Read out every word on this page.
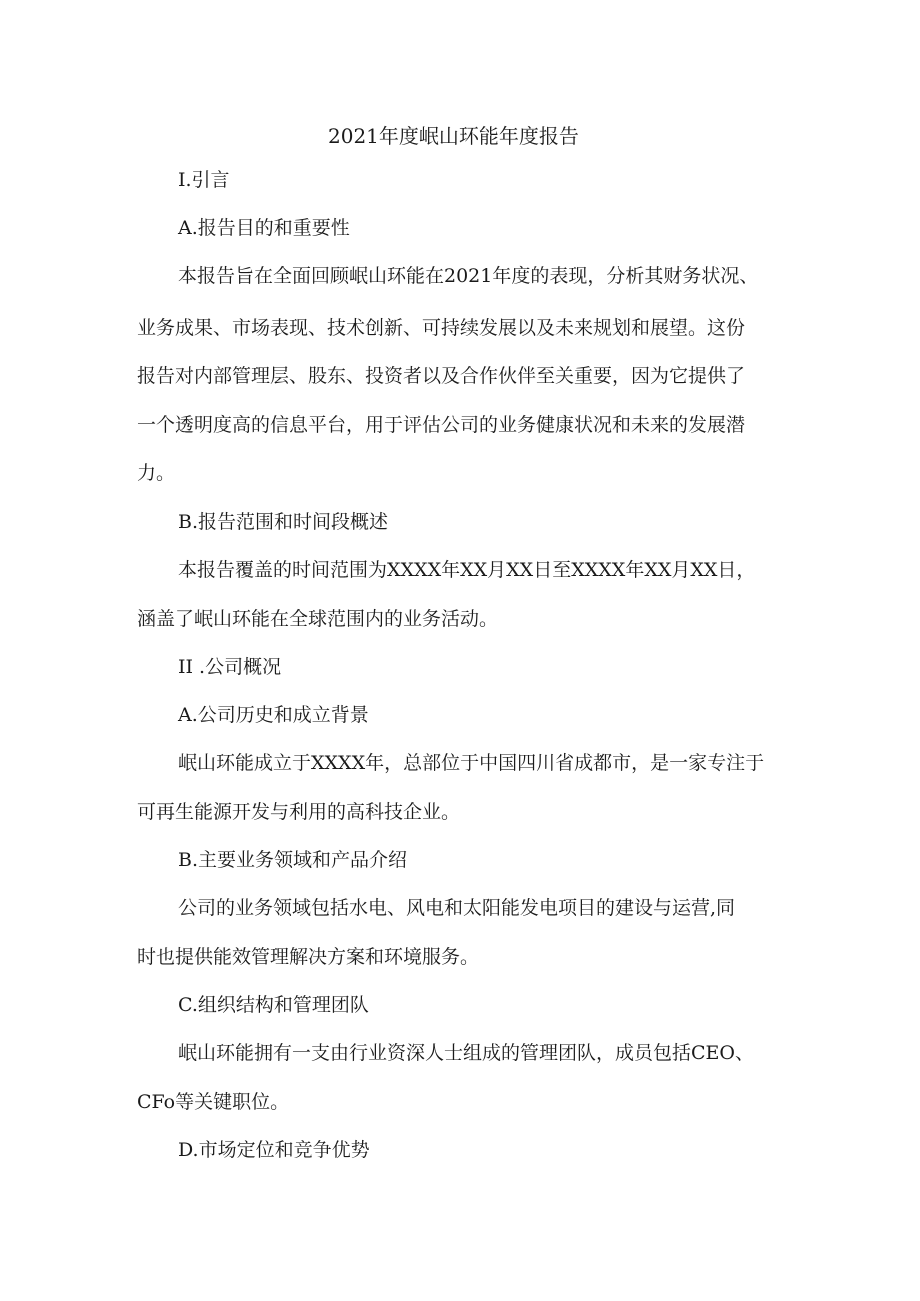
2021年度岷山环能年度报告
I.引言
A.报告目的和重要性
本报告旨在全面回顾岷山环能在2021年度的表现，分析其财务状况、
业务成果、市场表现、技术创新、可持续发展以及未来规划和展望。这份
报告对内部管理层、股东、投资者以及合作伙伴至关重要，因为它提供了
一个透明度高的信息平台，用于评估公司的业务健康状况和未来的发展潜
力。
B.报告范围和时间段概述
本报告覆盖的时间范围为XXXX年XX月XX日至XXXX年XX月XX日，
涵盖了岷山环能在全球范围内的业务活动。
II .公司概况
A.公司历史和成立背景
岷山环能成立于XXXX年，总部位于中国四川省成都市，是一家专注于
可再生能源开发与利用的高科技企业。
B.主要业务领域和产品介绍
公司的业务领域包括水电、风电和太阳能发电项目的建设与运营,同
时也提供能效管理解决方案和环境服务。
C.组织结构和管理团队
岷山环能拥有一支由行业资深人士组成的管理团队，成员包括CEO、
CFo等关键职位。
D.市场定位和竞争优势
